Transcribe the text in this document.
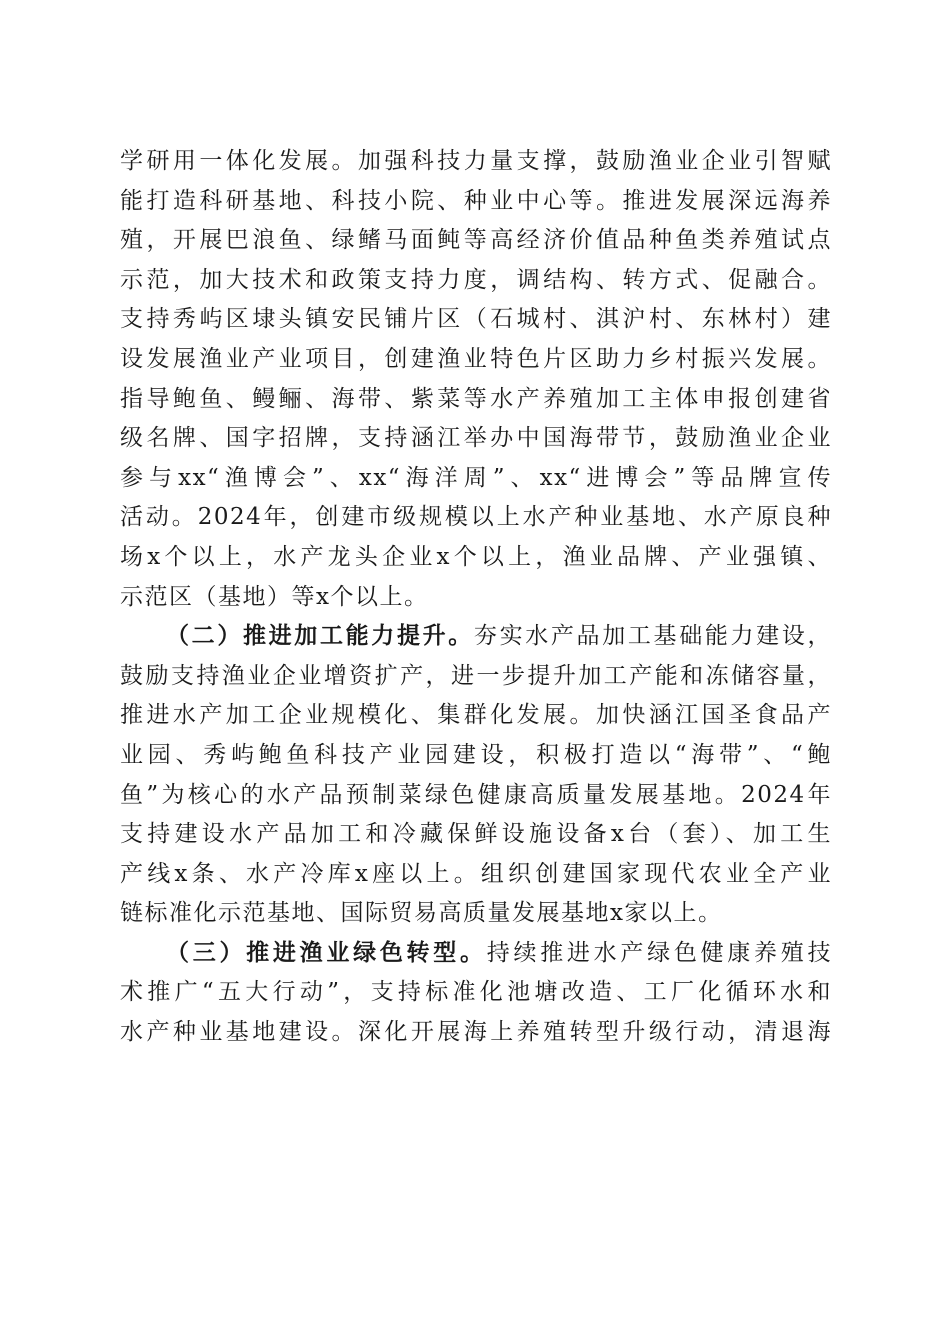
学研用一体化发展。加强科技力量支撑，鼓励渔业企业引智赋
能打造科研基地、科技小院、种业中心等。推进发展深远海养
殖，开展巴浪鱼、绿鳍马面鲀等高经济价值品种鱼类养殖试点
示范，加大技术和政策支持力度，调结构、转方式、促融合。
支持秀屿区埭头镇安民铺片区（石城村、淇沪村、东林村）建
设发展渔业产业项目，创建渔业特色片区助力乡村振兴发展。
指导鲍鱼、鳗鲡、海带、紫菜等水产养殖加工主体申报创建省
级名牌、国字招牌，支持涵江举办中国海带节，鼓励渔业企业
参与xx“渔博会”、xx“海洋周”、xx“进博会”等品牌宣传
活动。2024年，创建市级规模以上水产种业基地、水产原良种
场x个以上，水产龙头企业x个以上，渔业品牌、产业强镇、
示范区（基地）等x个以上。
（二）推进加工能力提升。夯实水产品加工基础能力建设，
鼓励支持渔业企业增资扩产，进一步提升加工产能和冻储容量，
推进水产加工企业规模化、集群化发展。加快涵江国圣食品产
业园、秀屿鲍鱼科技产业园建设，积极打造以“海带”、“鲍
鱼”为核心的水产品预制菜绿色健康高质量发展基地。2024年
支持建设水产品加工和冷藏保鲜设施设备x台（套）、加工生
产线x条、水产冷库x座以上。组织创建国家现代农业全产业
链标准化示范基地、国际贸易高质量发展基地x家以上。
（三）推进渔业绿色转型。持续推进水产绿色健康养殖技
术推广“五大行动”，支持标准化池塘改造、工厂化循环水和
水产种业基地建设。深化开展海上养殖转型升级行动，清退海
